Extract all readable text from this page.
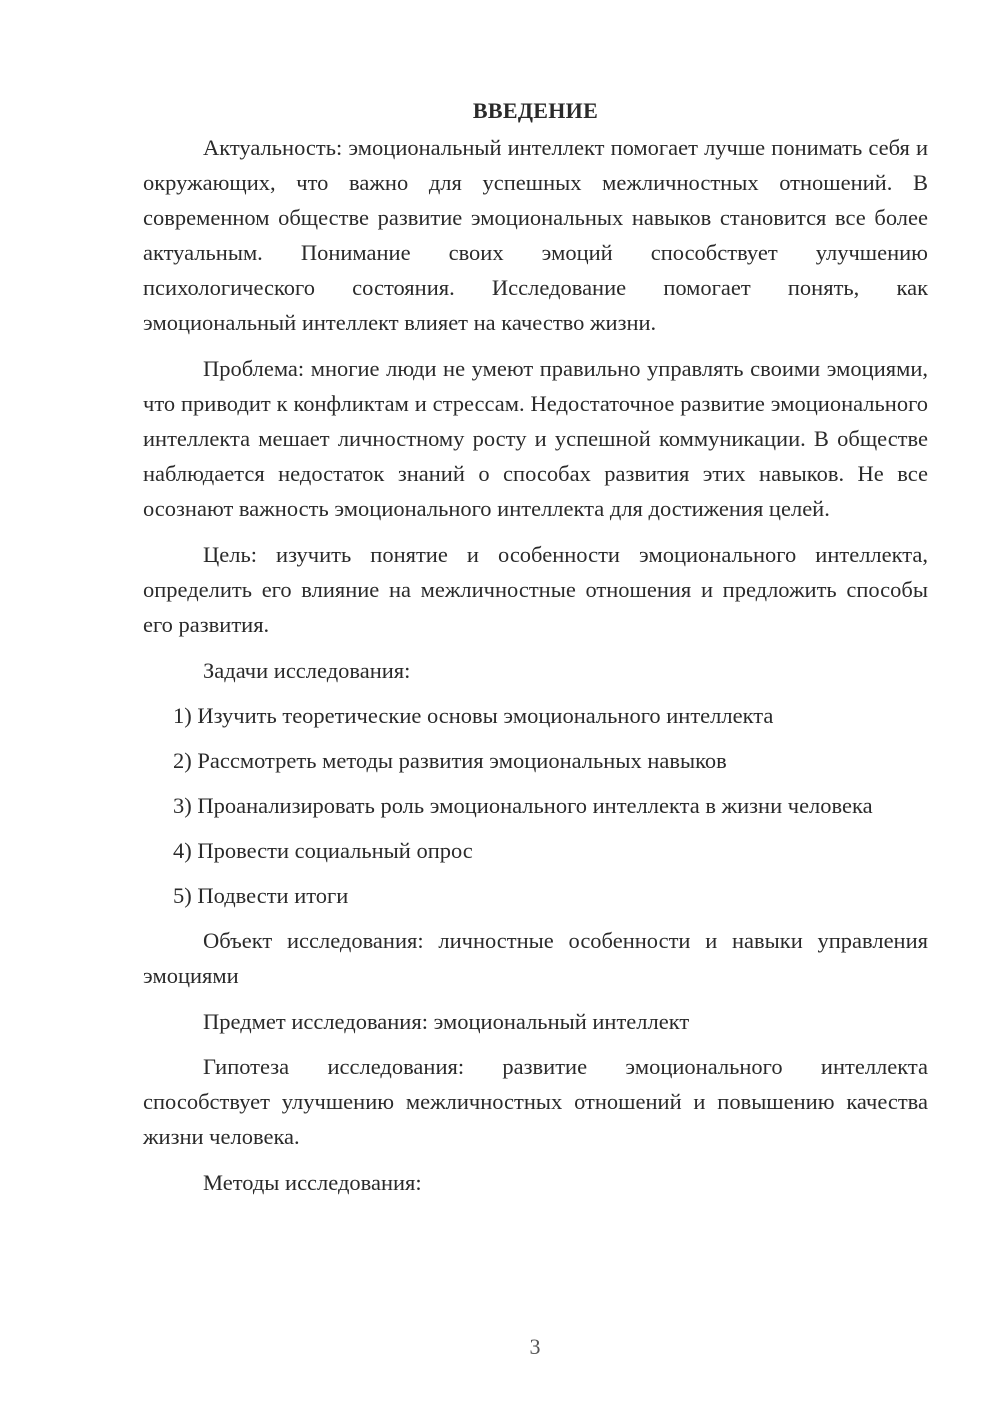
ВВЕДЕНИЕ

Актуальность: эмоциональный интеллект помогает лучше понимать себя и окружающих, что важно для успешных межличностных отношений. В современном обществе развитие эмоциональных навыков становится все более актуальным. Понимание своих эмоций способствует улучшению психологического состояния. Исследование помогает понять, как эмоциональный интеллект влияет на качество жизни.

Проблема: многие люди не умеют правильно управлять своими эмоциями, что приводит к конфликтам и стрессам. Недостаточное развитие эмоционального интеллекта мешает личностному росту и успешной коммуникации. В обществе наблюдается недостаток знаний о способах развития этих навыков. Не все осознают важность эмоционального интеллекта для достижения целей.

Цель: изучить понятие и особенности эмоционального интеллекта, определить его влияние на межличностные отношения и предложить способы его развития.

Задачи исследования:

1) Изучить теоретические основы эмоционального интеллекта

2) Рассмотреть методы развития эмоциональных навыков

3) Проанализировать роль эмоционального интеллекта в жизни человека

4) Провести социальный опрос

5) Подвести итоги

Объект исследования: личностные особенности и навыки управления эмоциями

Предмет исследования: эмоциональный интеллект

Гипотеза исследования: развитие эмоционального интеллекта способствует улучшению межличностных отношений и повышению качества жизни человека.

Методы исследования:

3
